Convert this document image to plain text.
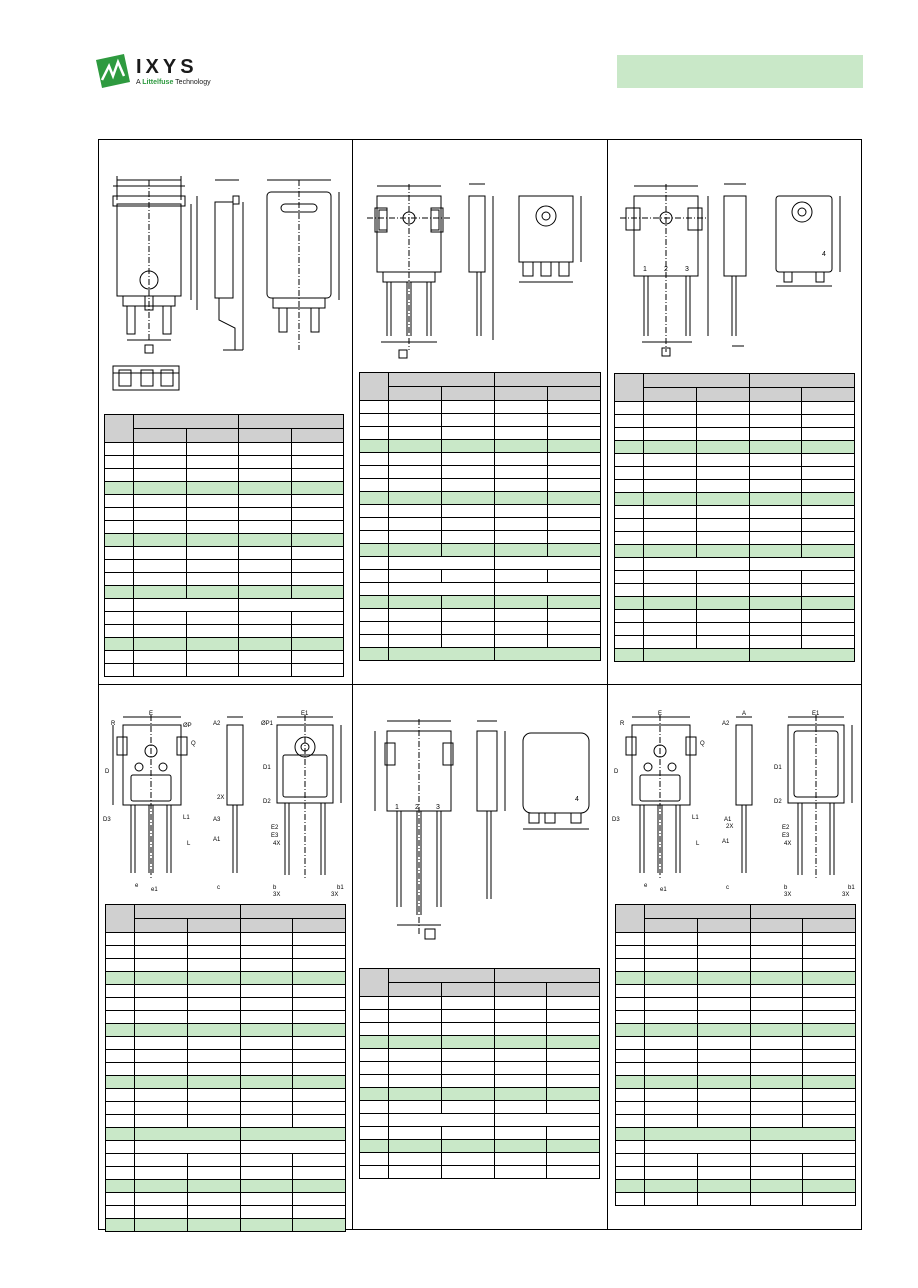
IXYS
A Littelfuse Technology

1 2 3
4

R
E
ØP
Q
D
A2
2X
A3
A1
L1
L
D3
e
e1	c
ØP1
E1
D1
D2
E2
E3
4X
b
3X
b1
3X

1 2 3
4

R
E
Q
D
A2
A
A1
2X
A1
L1
L
D3
e
e1	c
E1
D1
D2
E2
E3
4X
b
3X
b1
3X
